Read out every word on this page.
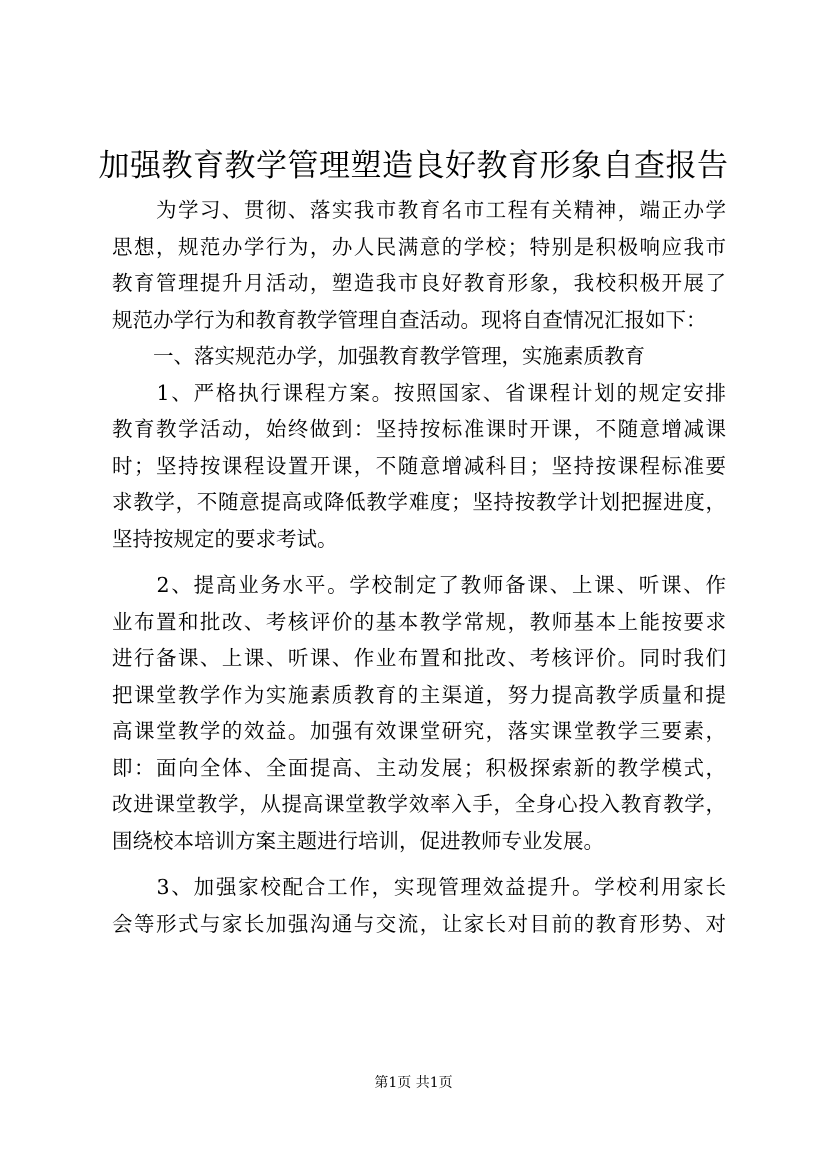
加强教育教学管理塑造良好教育形象自查报告
　　为学习、贯彻、落实我市教育名市工程有关精神，端正办学
思想，规范办学行为，办人民满意的学校；特别是积极响应我市
教育管理提升月活动，塑造我市良好教育形象，我校积极开展了
规范办学行为和教育教学管理自查活动。现将自查情况汇报如下：
　　一、落实规范办学，加强教育教学管理，实施素质教育
　　1、严格执行课程方案。按照国家、省课程计划的规定安排
教育教学活动，始终做到：坚持按标准课时开课，不随意增减课
时；坚持按课程设置开课，不随意增减科目；坚持按课程标准要
求教学，不随意提高或降低教学难度；坚持按教学计划把握进度，
坚持按规定的要求考试。
　　2、提高业务水平。学校制定了教师备课、上课、听课、作
业布置和批改、考核评价的基本教学常规，教师基本上能按要求
进行备课、上课、听课、作业布置和批改、考核评价。同时我们
把课堂教学作为实施素质教育的主渠道，努力提高教学质量和提
高课堂教学的效益。加强有效课堂研究，落实课堂教学三要素，
即：面向全体、全面提高、主动发展；积极探索新的教学模式，
改进课堂教学，从提高课堂教学效率入手，全身心投入教育教学，
围绕校本培训方案主题进行培训，促进教师专业发展。
　　3、加强家校配合工作，实现管理效益提升。学校利用家长
会等形式与家长加强沟通与交流，让家长对目前的教育形势、对
第1页 共1页
